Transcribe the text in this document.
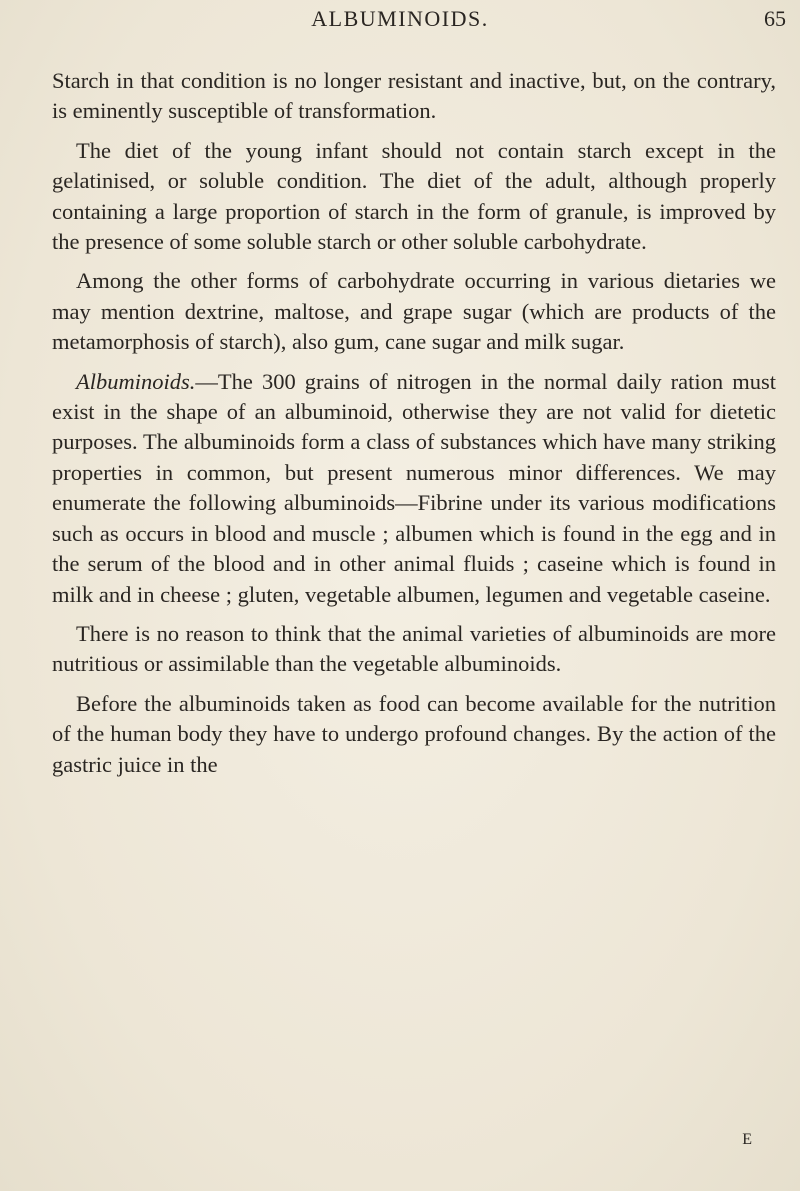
ALBUMINOIDS.	65

Starch in that condition is no longer resistant and inactive, but, on the contrary, is eminently susceptible of transformation.

The diet of the young infant should not contain starch except in the gelatinised, or soluble condition. The diet of the adult, although properly containing a large proportion of starch in the form of granule, is improved by the presence of some soluble starch or other soluble carbohydrate.

Among the other forms of carbohydrate occurring in various dietaries we may mention dextrine, maltose, and grape sugar (which are products of the metamorphosis of starch), also gum, cane sugar and milk sugar.

Albuminoids.—The 300 grains of nitrogen in the normal daily ration must exist in the shape of an albuminoid, otherwise they are not valid for dietetic purposes. The albuminoids form a class of substances which have many striking properties in common, but present numerous minor differences. We may enumerate the following albuminoids—Fibrine under its various modifications such as occurs in blood and muscle ; albumen which is found in the egg and in the serum of the blood and in other animal fluids ; caseine which is found in milk and in cheese ; gluten, vegetable albumen, legumen and vegetable caseine.

There is no reason to think that the animal varieties of albuminoids are more nutritious or assimilable than the vegetable albuminoids.

Before the albuminoids taken as food can become available for the nutrition of the human body they have to undergo profound changes. By the action of the gastric juice in the

E
